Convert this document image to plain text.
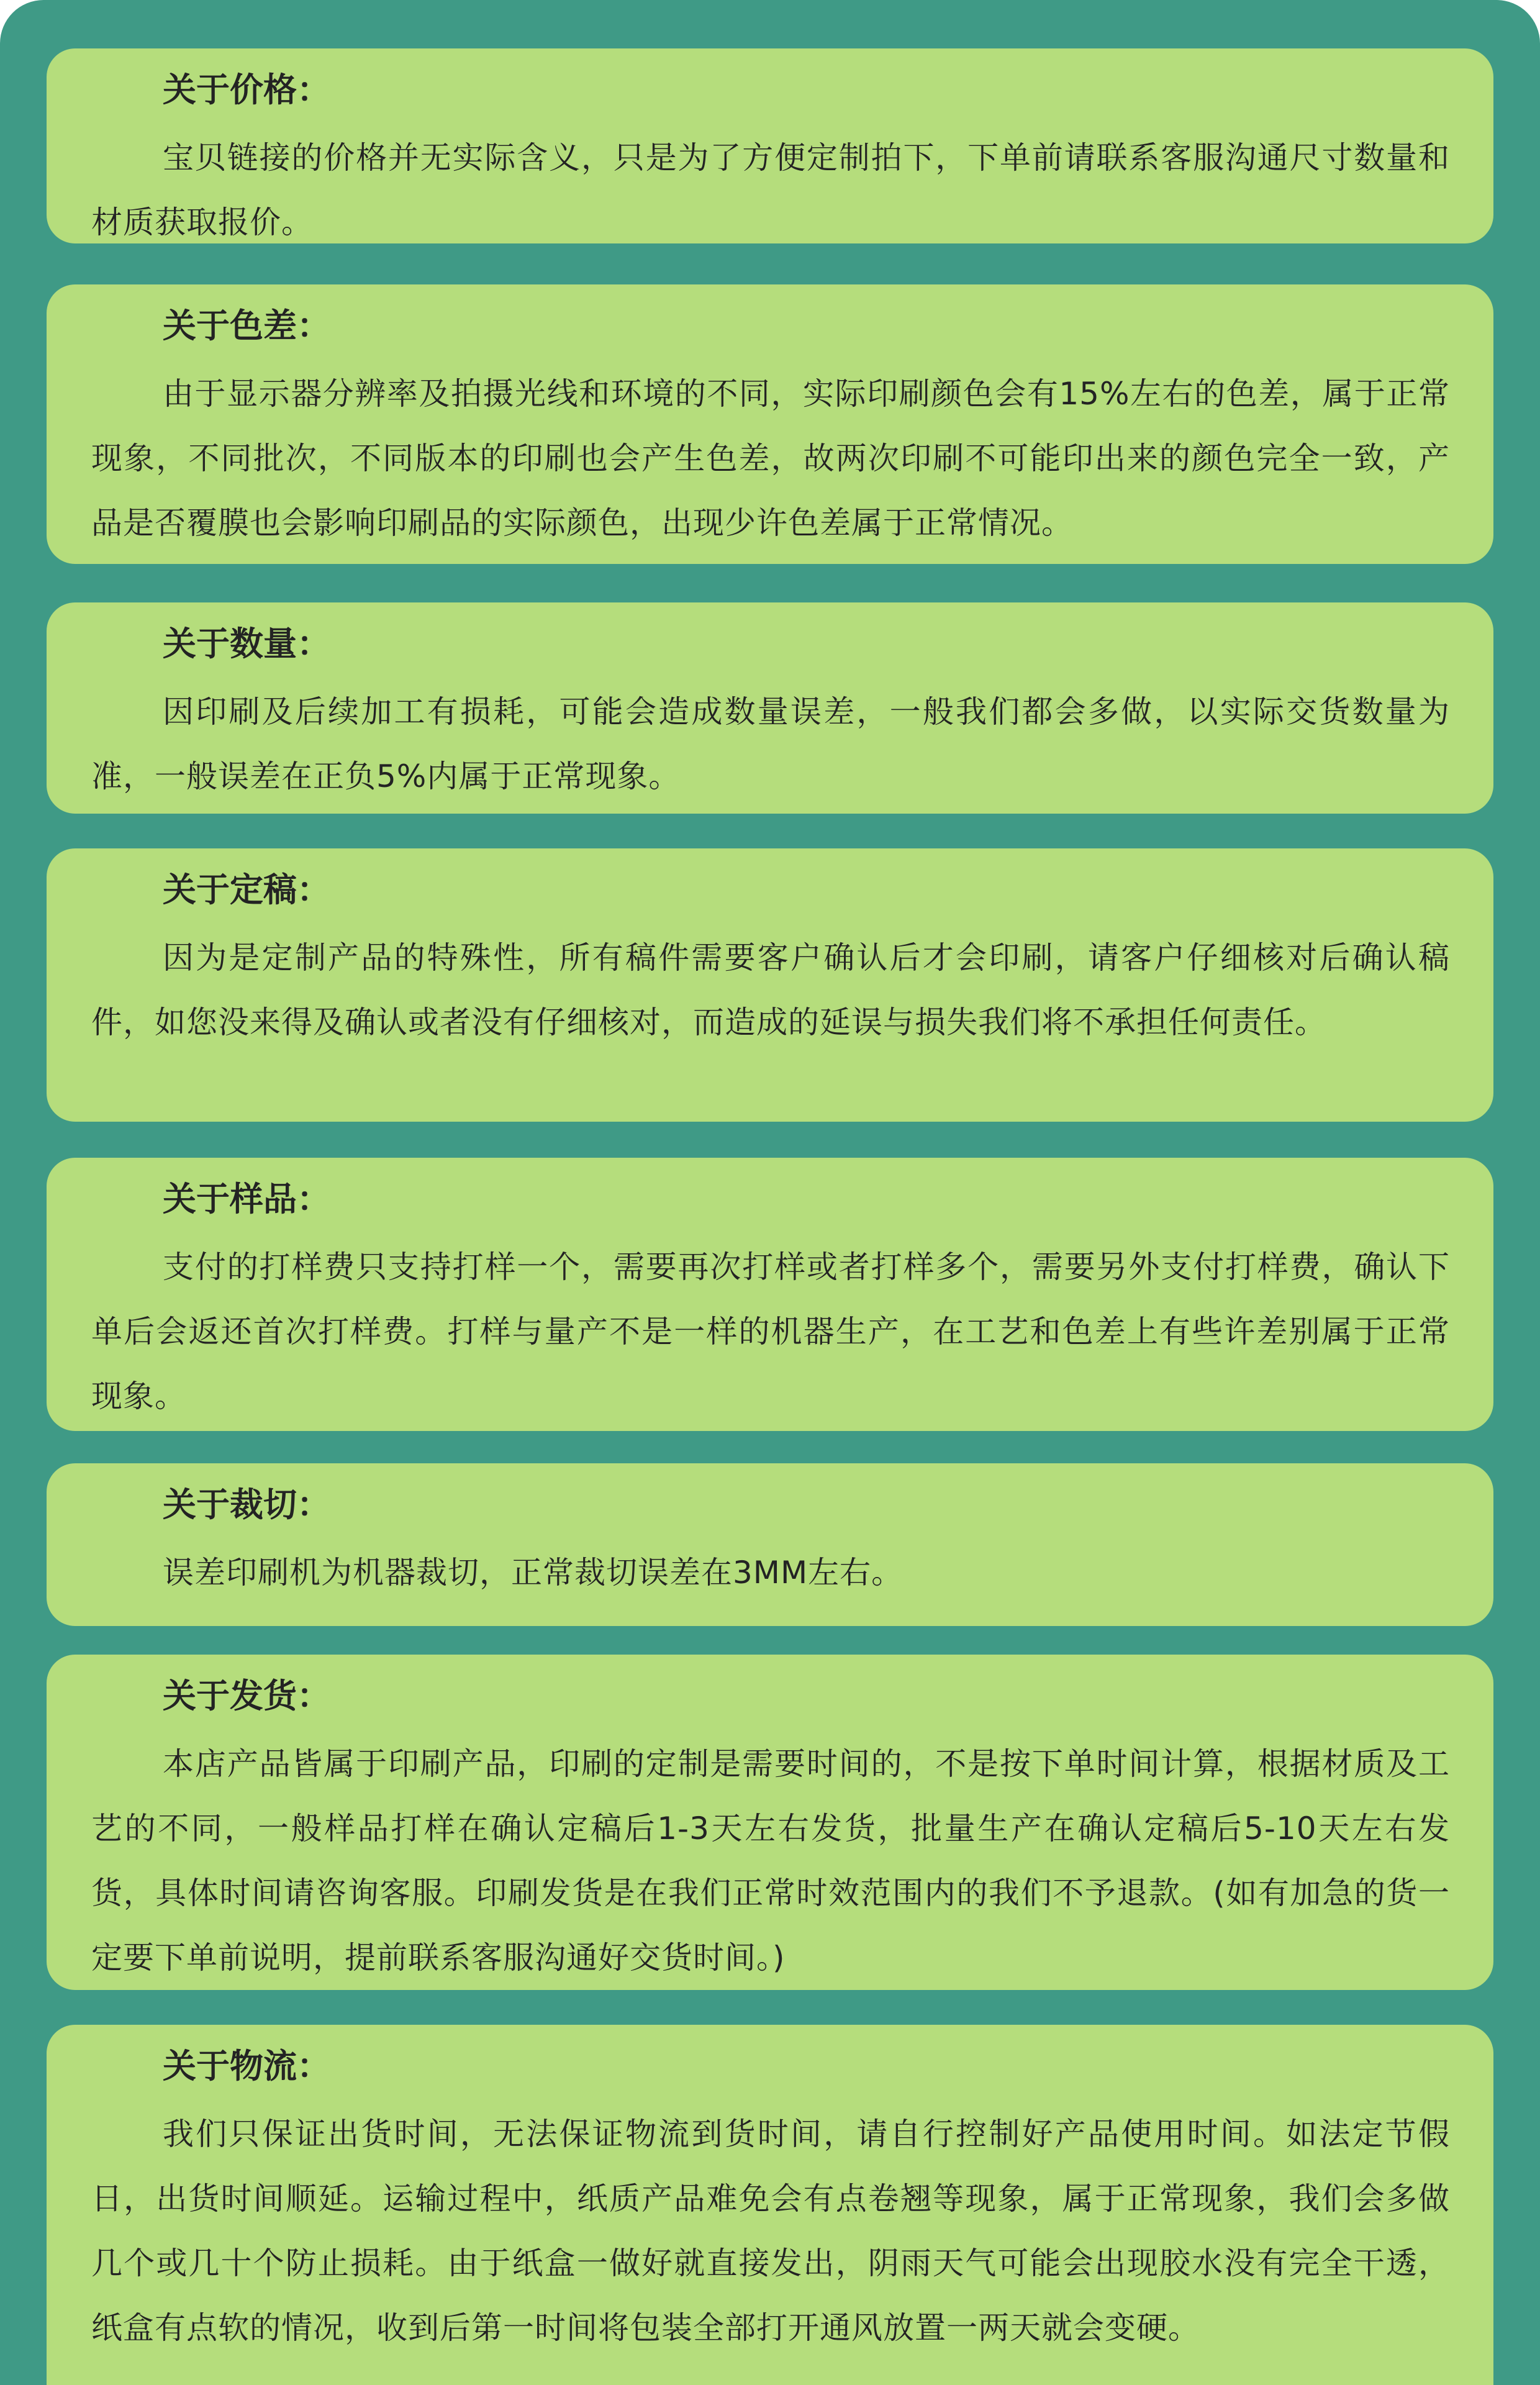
关于价格：
宝贝链接的价格并无实际含义，只是为了方便定制拍下，下单前请联系客服沟通尺寸数量和材质获取报价。
关于色差：
由于显示器分辨率及拍摄光线和环境的不同，实际印刷颜色会有15%左右的色差，属于正常现象，不同批次，不同版本的印刷也会产生色差，故两次印刷不可能印出来的颜色完全一致，产品是否覆膜也会影响印刷品的实际颜色，出现少许色差属于正常情况。
关于数量：
因印刷及后续加工有损耗，可能会造成数量误差，一般我们都会多做，以实际交货数量为准，一般误差在正负5%内属于正常现象。
关于定稿：
因为是定制产品的特殊性，所有稿件需要客户确认后才会印刷，请客户仔细核对后确认稿件，如您没来得及确认或者没有仔细核对，而造成的延误与损失我们将不承担任何责任。
关于样品：
支付的打样费只支持打样一个，需要再次打样或者打样多个，需要另外支付打样费，确认下单后会返还首次打样费。打样与量产不是一样的机器生产，在工艺和色差上有些许差别属于正常现象。
关于裁切：
误差印刷机为机器裁切，正常裁切误差在3MM左右。
关于发货：
本店产品皆属于印刷产品，印刷的定制是需要时间的，不是按下单时间计算，根据材质及工艺的不同，一般样品打样在确认定稿后1-3天左右发货，批量生产在确认定稿后5-10天左右发货，具体时间请咨询客服。印刷发货是在我们正常时效范围内的我们不予退款。(如有加急的货一定要下单前说明，提前联系客服沟通好交货时间。)
关于物流：
我们只保证出货时间，无法保证物流到货时间，请自行控制好产品使用时间。如法定节假日，出货时间顺延。运输过程中，纸质产品难免会有点卷翘等现象，属于正常现象，我们会多做几个或几十个防止损耗。由于纸盒一做好就直接发出，阴雨天气可能会出现胶水没有完全干透，纸盒有点软的情况，收到后第一时间将包装全部打开通风放置一两天就会变硬。
